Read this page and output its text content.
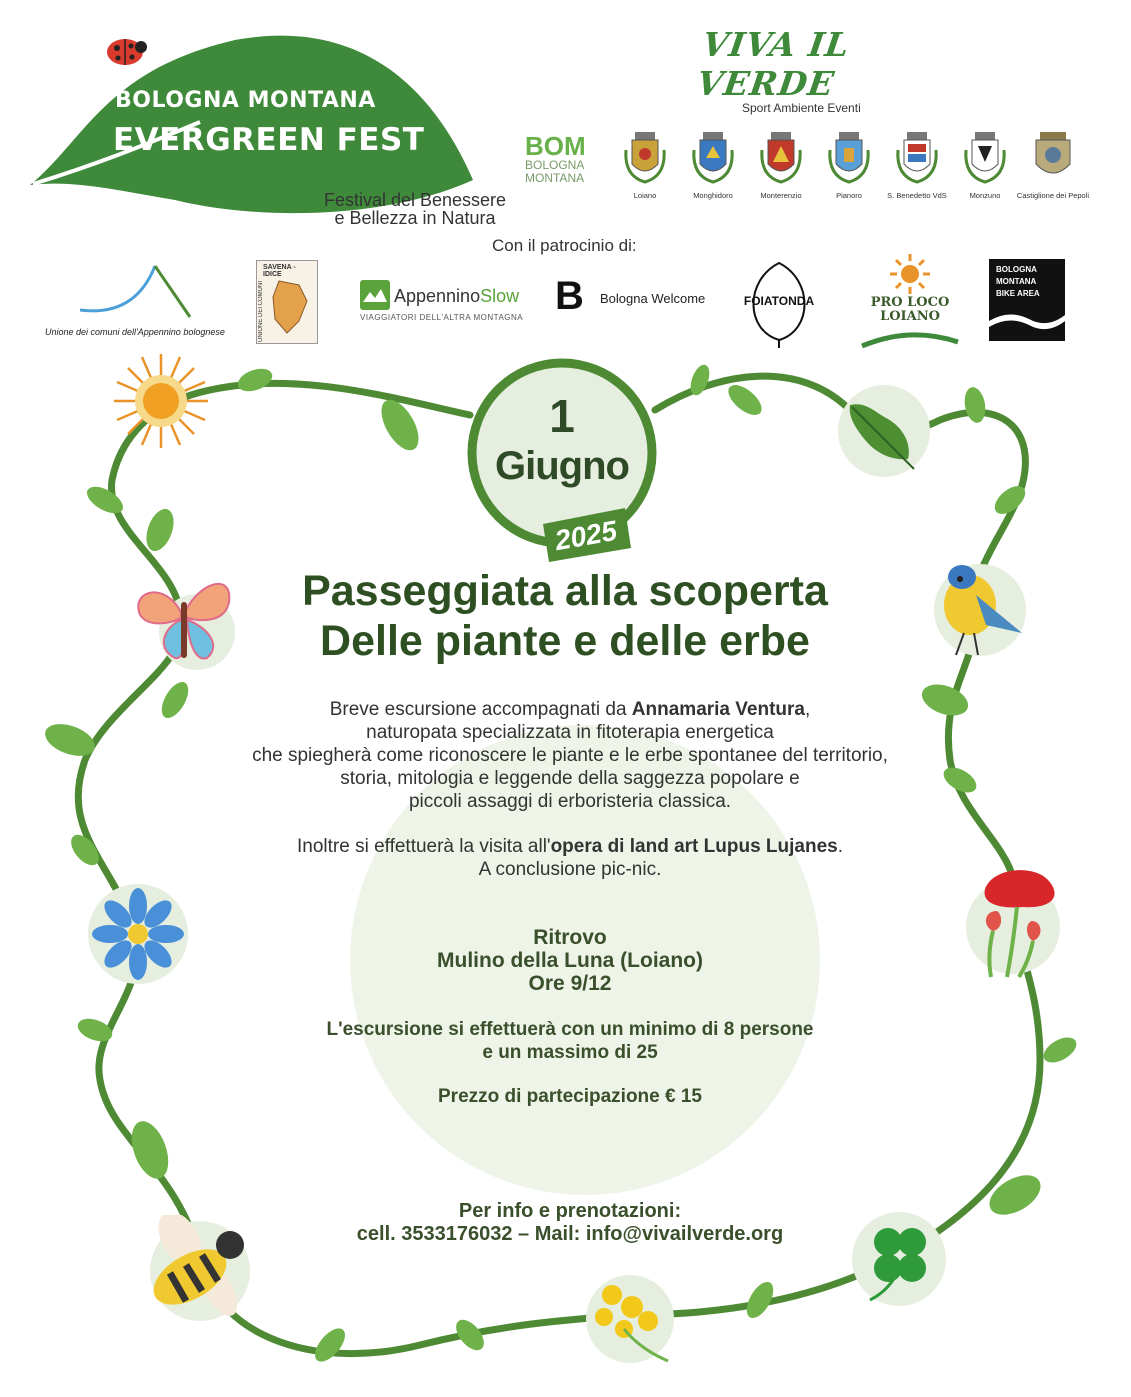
BOLOGNA MONTANA
EVERGREEN FEST
Festival del Benessere
e Bellezza in Natura
VIVA IL VERDE
Sport Ambiente Eventi
BOM
BOLOGNA
MONTANA
Loiano	Monghidoro	Monterenzio	Pianoro	S. Benedetto VdS	Monzuno	Castiglione dei Pepoli
Con il patrocinio di:
Unione dei comuni dell'Appennino bolognese
SAVENA - IDICE
UNIONE DEI COMUNI	AppenninoSlow
VIAGGIATORI DELL'ALTRA MONTAGNA B Bologna Welcome	FOIATONDA	PRO LOCO
LOIANO
BOLOGNA
MONTANA
BIKE AREA
1
Giugno
2025
Passeggiata alla scoperta
Delle piante e delle erbe
Breve escursione accompagnati da Annamaria Ventura,
naturopata specializzata in fitoterapia energetica
che spiegherà come riconoscere le piante e le erbe spontanee del territorio,
storia, mitologia e leggende della saggezza popolare e
piccoli assaggi di erboristeria classica.
Inoltre si effettuerà la visita all'opera di land art Lupus Lujanes.
A conclusione pic-nic.
Ritrovo
Mulino della Luna (Loiano)
Ore 9/12
L'escursione si effettuerà con un minimo di 8 persone
e un massimo di 25
Prezzo di partecipazione € 15
Per info e prenotazioni:
cell. 3533176032 – Mail: info@vivailverde.org
